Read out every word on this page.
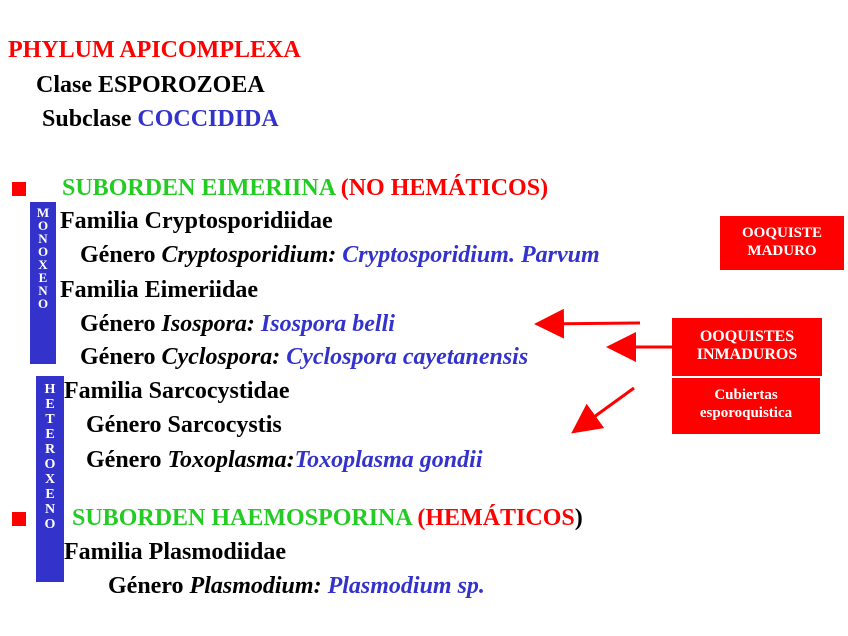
PHYLUM APICOMPLEXA
Clase ESPOROZOEA
Subclase COCCIDIDA
SUBORDEN EIMERIINA (NO HEMÁTICOS)
Familia Cryptosporidiidae
Género Cryptosporidium: Cryptosporidium. Parvum
Familia Eimeriidae
Género Isospora: Isospora belli
Género Cyclospora: Cyclospora cayetanensis
Familia Sarcocystidae
Género Sarcocystis
Género Toxoplasma:Toxoplasma gondii
SUBORDEN HAEMOSPORINA (HEMÁTICOS)
Familia Plasmodiidae
Género Plasmodium: Plasmodium sp.
M
O
N
O
X
E
N
O
H
E
T
E
R
O
X
E
N
O
OOQUISTE
MADURO
OOQUISTES
INMADUROS
Cubiertas
esporoquistica
